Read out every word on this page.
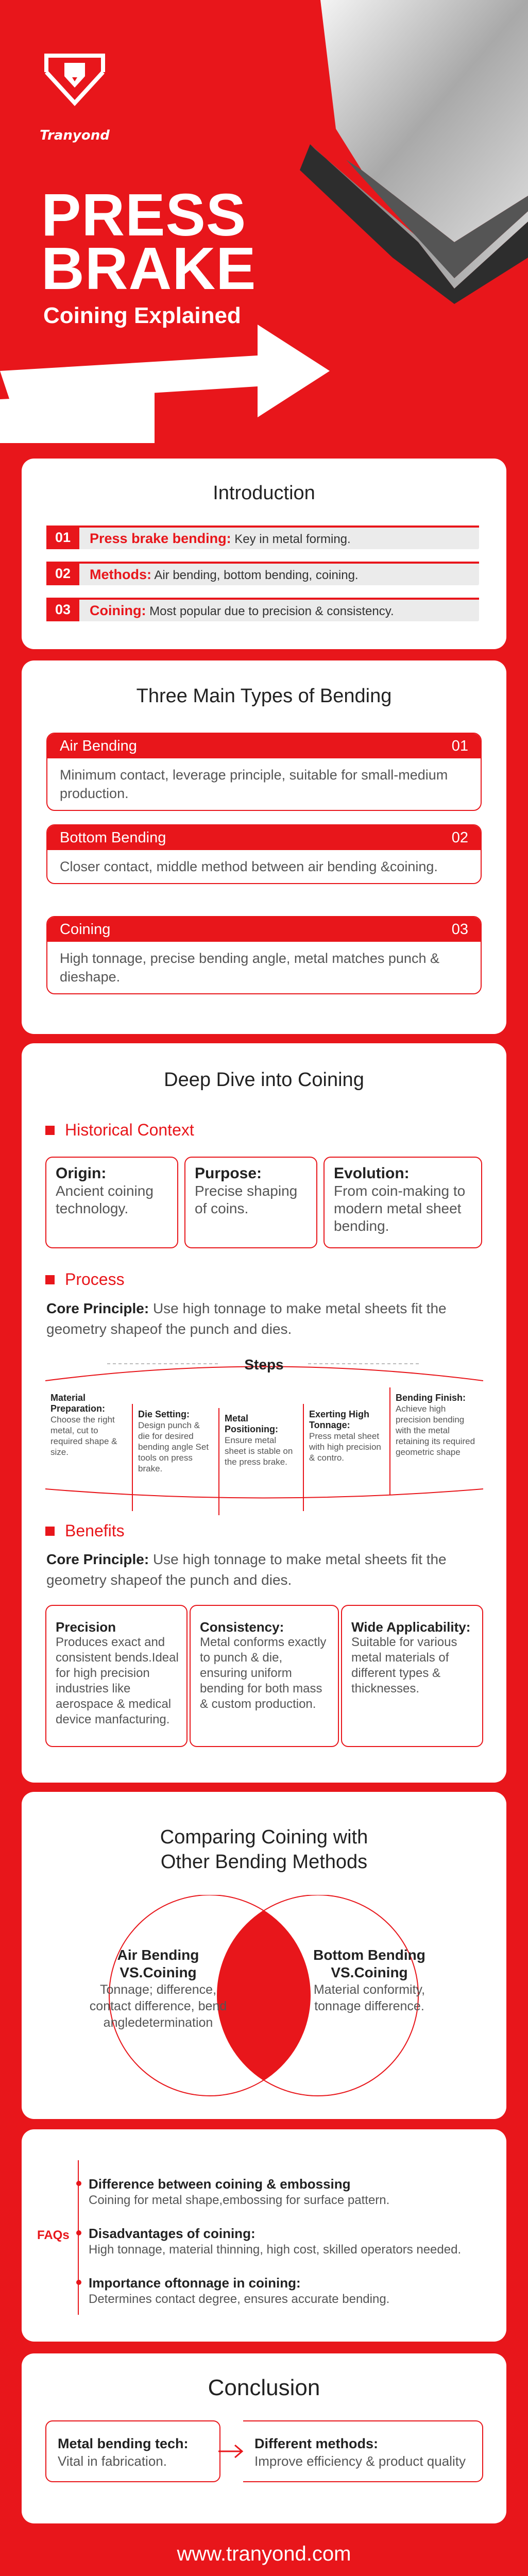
Tranyond
PRESS
BRAKE
Coining Explained
Introduction
01	Press brake bending: Key in metal forming.
02	Methods: Air bending, bottom bending, coining.
03	Coining: Most popular due to precision & consistency.
Three Main Types of Bending
Air Bending	01
Minimum contact, leverage principle, suitable for small-medium production.
Bottom Bending	02
Closer contact, middle method between air bending &coining.
Coining	03
High tonnage, precise bending angle, metal matches punch & dieshape.
Deep Dive into Coining
Historical Context
Origin:
Ancient coining technology.
Purpose:
Precise shaping of coins.
Evolution:
From coin-making to modern metal sheet bending.
Process
Core Principle: Use high tonnage to make metal sheets fit the geometry shapeof the punch and dies.
Steps
Material Preparation:
Choose the right metal, cut to required shape & size.
Die Setting:
Design punch & die for desired bending angle Set tools on press brake.
Metal Positioning:
Ensure metal sheet is stable on the press brake.
Exerting High Tonnage:
Press metal sheet with high precision & contro.
Bending Finish:
Achieve high precision bending with the metal retaining its required geometric shape
Benefits
Core Principle: Use high tonnage to make metal sheets fit the geometry shapeof the punch and dies.
Precision
Produces exact and consistent bends.Ideal for high precision industries like aerospace & medical device manfacturing.
Consistency:
Metal conforms exactly to punch & die, ensuring uniform bending for both mass & custom production.
Wide Applicability:
Suitable for various metal materials of different types & thicknesses.
Comparing Coining with
Other Bending Methods
Air Bending
VS.Coining
Tonnage; difference, contact difference, bend angledetermination
Bottom Bending
VS.Coining
Material conformity, tonnage difference.
FAQs
Difference between coining & embossing
Coining for metal shape,embossing for surface pattern.
Disadvantages of coining:
High tonnage, material thinning, high cost, skilled operators needed.
Importance oftonnage in coining:
Determines contact degree, ensures accurate bending.
Conclusion
Metal bending tech:
Vital in fabrication.
Different methods:
Improve efficiency & product quality
www.tranyond.com
